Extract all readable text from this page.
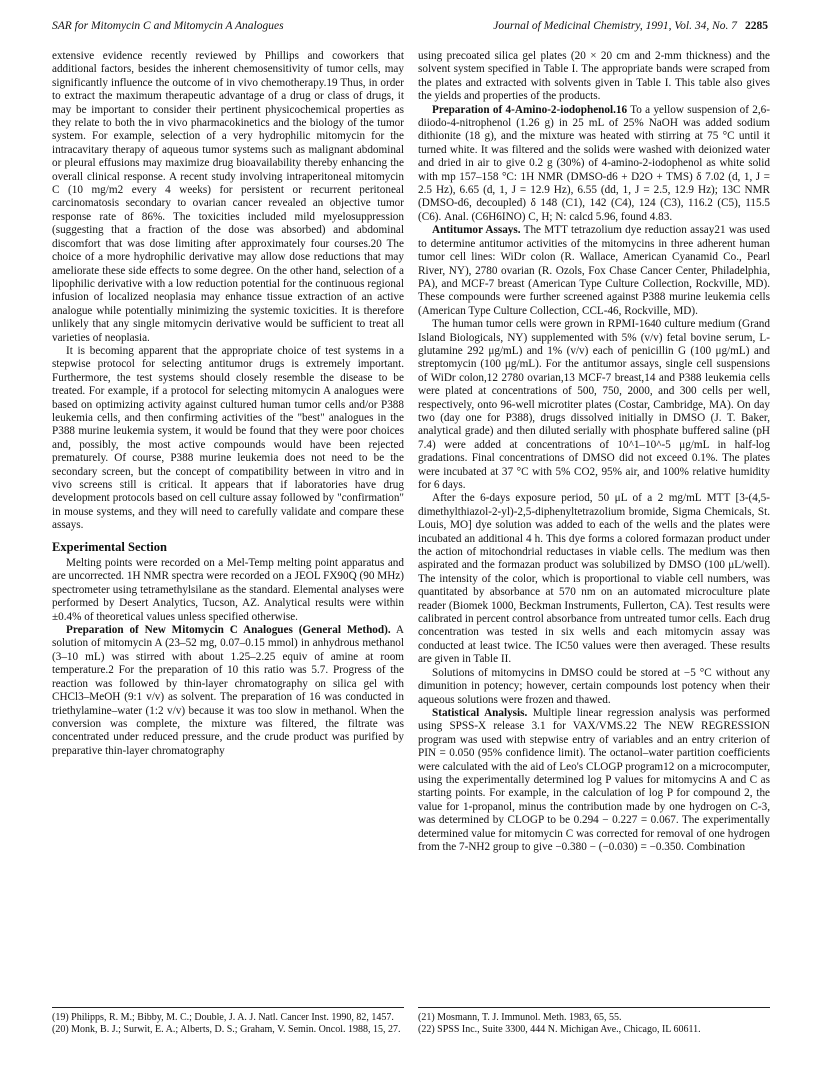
SAR for Mitomycin C and Mitomycin A Analogues	Journal of Medicinal Chemistry, 1991, Vol. 34, No. 7 2285

extensive evidence recently reviewed by Phillips and coworkers that additional factors, besides the inherent chemosensitivity of tumor cells, may significantly influence the outcome of in vivo chemotherapy.19 Thus, in order to extract the maximum therapeutic advantage of a drug or class of drugs, it may be important to consider their pertinent physicochemical properties as they relate to both the in vivo pharmacokinetics and the biology of the tumor system. For example, selection of a very hydrophilic mitomycin for the intracavitary therapy of aqueous tumor systems such as malignant abdominal or pleural effusions may maximize drug bioavailability thereby enhancing the overall clinical response. A recent study involving intraperitoneal mitomycin C (10 mg/m2 every 4 weeks) for persistent or recurrent peritoneal carcinomatosis secondary to ovarian cancer revealed an objective tumor response rate of 86%. The toxicities included mild myelosuppression (suggesting that a fraction of the dose was absorbed) and abdominal discomfort that was dose limiting after approximately four courses.20 The choice of a more hydrophilic derivative may allow dose reductions that may ameliorate these side effects to some degree. On the other hand, selection of a lipophilic derivative with a low reduction potential for the continuous regional infusion of localized neoplasia may enhance tissue extraction of an active analogue while potentially minimizing the systemic toxicities. It is therefore unlikely that any single mitomycin derivative would be sufficient to treat all varieties of neoplasia.

It is becoming apparent that the appropriate choice of test systems in a stepwise protocol for selecting antitumor drugs is extremely important. Furthermore, the test systems should closely resemble the disease to be treated. For example, if a protocol for selecting mitomycin A analogues were based on optimizing activity against cultured human tumor cells and/or P388 leukemia cells, and then confirming activities of the "best" analogues in the P388 murine leukemia system, it would be found that they were poor choices and, possibly, the most active compounds would have been rejected prematurely. Of course, P388 murine leukemia does not need to be the secondary screen, but the concept of compatibility between in vitro and in vivo screens still is critical. It appears that if laboratories have drug development protocols based on cell culture assay followed by "confirmation" in mouse systems, and they will need to carefully validate and compare these assays.

Experimental Section

Melting points were recorded on a Mel-Temp melting point apparatus and are uncorrected. 1H NMR spectra were recorded on a JEOL FX90Q (90 MHz) spectrometer using tetramethylsilane as the standard. Elemental analyses were performed by Desert Analytics, Tucson, AZ. Analytical results were within ±0.4% of theoretical values unless specified otherwise.

Preparation of New Mitomycin C Analogues (General Method). A solution of mitomycin A (23–52 mg, 0.07–0.15 mmol) in anhydrous methanol (3–10 mL) was stirred with about 1.25–2.25 equiv of amine at room temperature.2 For the preparation of 10 this ratio was 5.7. Progress of the reaction was followed by thin-layer chromatography on silica gel with CHCl3–MeOH (9:1 v/v) as solvent. The preparation of 16 was conducted in triethylamine–water (1:2 v/v) because it was too slow in methanol. When the conversion was complete, the mixture was filtered, the filtrate was concentrated under reduced pressure, and the crude product was purified by preparative thin-layer chromatography

using precoated silica gel plates (20 × 20 cm and 2-mm thickness) and the solvent system specified in Table I. The appropriate bands were scraped from the plates and extracted with solvents given in Table I. This table also gives the yields and properties of the products.

Preparation of 4-Amino-2-iodophenol.16 To a yellow suspension of 2,6-diiodo-4-nitrophenol (1.26 g) in 25 mL of 25% NaOH was added sodium dithionite (18 g), and the mixture was heated with stirring at 75 °C until it turned white. It was filtered and the solids were washed with deionized water and dried in air to give 0.2 g (30%) of 4-amino-2-iodophenol as white solid with mp 157–158 °C: 1H NMR (DMSO-d6 + D2O + TMS) δ 7.02 (d, 1, J = 2.5 Hz), 6.65 (d, 1, J = 12.9 Hz), 6.55 (dd, 1, J = 2.5, 12.9 Hz); 13C NMR (DMSO-d6, decoupled) δ 148 (C1), 142 (C4), 124 (C3), 116.2 (C5), 115.5 (C6). Anal. (C6H6INO) C, H; N: calcd 5.96, found 4.83.

Antitumor Assays. The MTT tetrazolium dye reduction assay21 was used to determine antitumor activities of the mitomycins in three adherent human tumor cell lines: WiDr colon (R. Wallace, American Cyanamid Co., Pearl River, NY), 2780 ovarian (R. Ozols, Fox Chase Cancer Center, Philadelphia, PA), and MCF-7 breast (American Type Culture Collection, Rockville, MD). These compounds were further screened against P388 murine leukemia cells (American Type Culture Collection, CCL-46, Rockville, MD).

The human tumor cells were grown in RPMI-1640 culture medium (Grand Island Biologicals, NY) supplemented with 5% (v/v) fetal bovine serum, L-glutamine 292 μg/mL) and 1% (v/v) each of penicillin G (100 μg/mL) and streptomycin (100 μg/mL). For the antitumor assays, single cell suspensions of WiDr colon,12 2780 ovarian,13 MCF-7 breast,14 and P388 leukemia cells were plated at concentrations of 500, 750, 2000, and 300 cells per well, respectively, onto 96-well microtiter plates (Costar, Cambridge, MA). On day two (day one for P388), drugs dissolved initially in DMSO (J. T. Baker, analytical grade) and then diluted serially with phosphate buffered saline (pH 7.4) were added at concentrations of 10^1–10^-5 μg/mL in half-log gradations. Final concentrations of DMSO did not exceed 0.1%. The plates were incubated at 37 °C with 5% CO2, 95% air, and 100% relative humidity for 6 days.

After the 6-days exposure period, 50 μL of a 2 mg/mL MTT [3-(4,5-dimethylthiazol-2-yl)-2,5-diphenyltetrazolium bromide, Sigma Chemicals, St. Louis, MO] dye solution was added to each of the wells and the plates were incubated an additional 4 h. This dye forms a colored formazan product under the action of mitochondrial reductases in viable cells. The medium was then aspirated and the formazan product was solubilized by DMSO (100 μL/well). The intensity of the color, which is proportional to viable cell numbers, was quantitated by absorbance at 570 nm on an automated microculture plate reader (Biomek 1000, Beckman Instruments, Fullerton, CA). Test results were calibrated in percent control absorbance from untreated tumor cells. Each drug concentration was tested in six wells and each mitomycin assay was conducted at least twice. The IC50 values were then averaged. These results are given in Table II.

Solutions of mitomycins in DMSO could be stored at −5 °C without any dimunition in potency; however, certain compounds lost potency when their aqueous solutions were frozen and thawed.

Statistical Analysis. Multiple linear regression analysis was performed using SPSS-X release 3.1 for VAX/VMS.22 The NEW REGRESSION program was used with stepwise entry of variables and an entry criterion of PIN = 0.050 (95% confidence limit). The octanol–water partition coefficients were calculated with the aid of Leo's CLOGP program12 on a microcomputer, using the experimentally determined log P values for mitomycins A and C as starting points. For example, in the calculation of log P for compound 2, the value for 1-propanol, minus the contribution made by one hydrogen on C-3, was determined by CLOGP to be 0.294 − 0.227 = 0.067. The experimentally determined value for mitomycin C was corrected for removal of one hydrogen from the 7-NH2 group to give −0.380 − (−0.030) = −0.350. Combination

(19) Philipps, R. M.; Bibby, M. C.; Double, J. A. J. Natl. Cancer Inst. 1990, 82, 1457.
(20) Monk, B. J.; Surwit, E. A.; Alberts, D. S.; Graham, V. Semin. Oncol. 1988, 15, 27.
(21) Mosmann, T. J. Immunol. Meth. 1983, 65, 55.
(22) SPSS Inc., Suite 3300, 444 N. Michigan Ave., Chicago, IL 60611.
